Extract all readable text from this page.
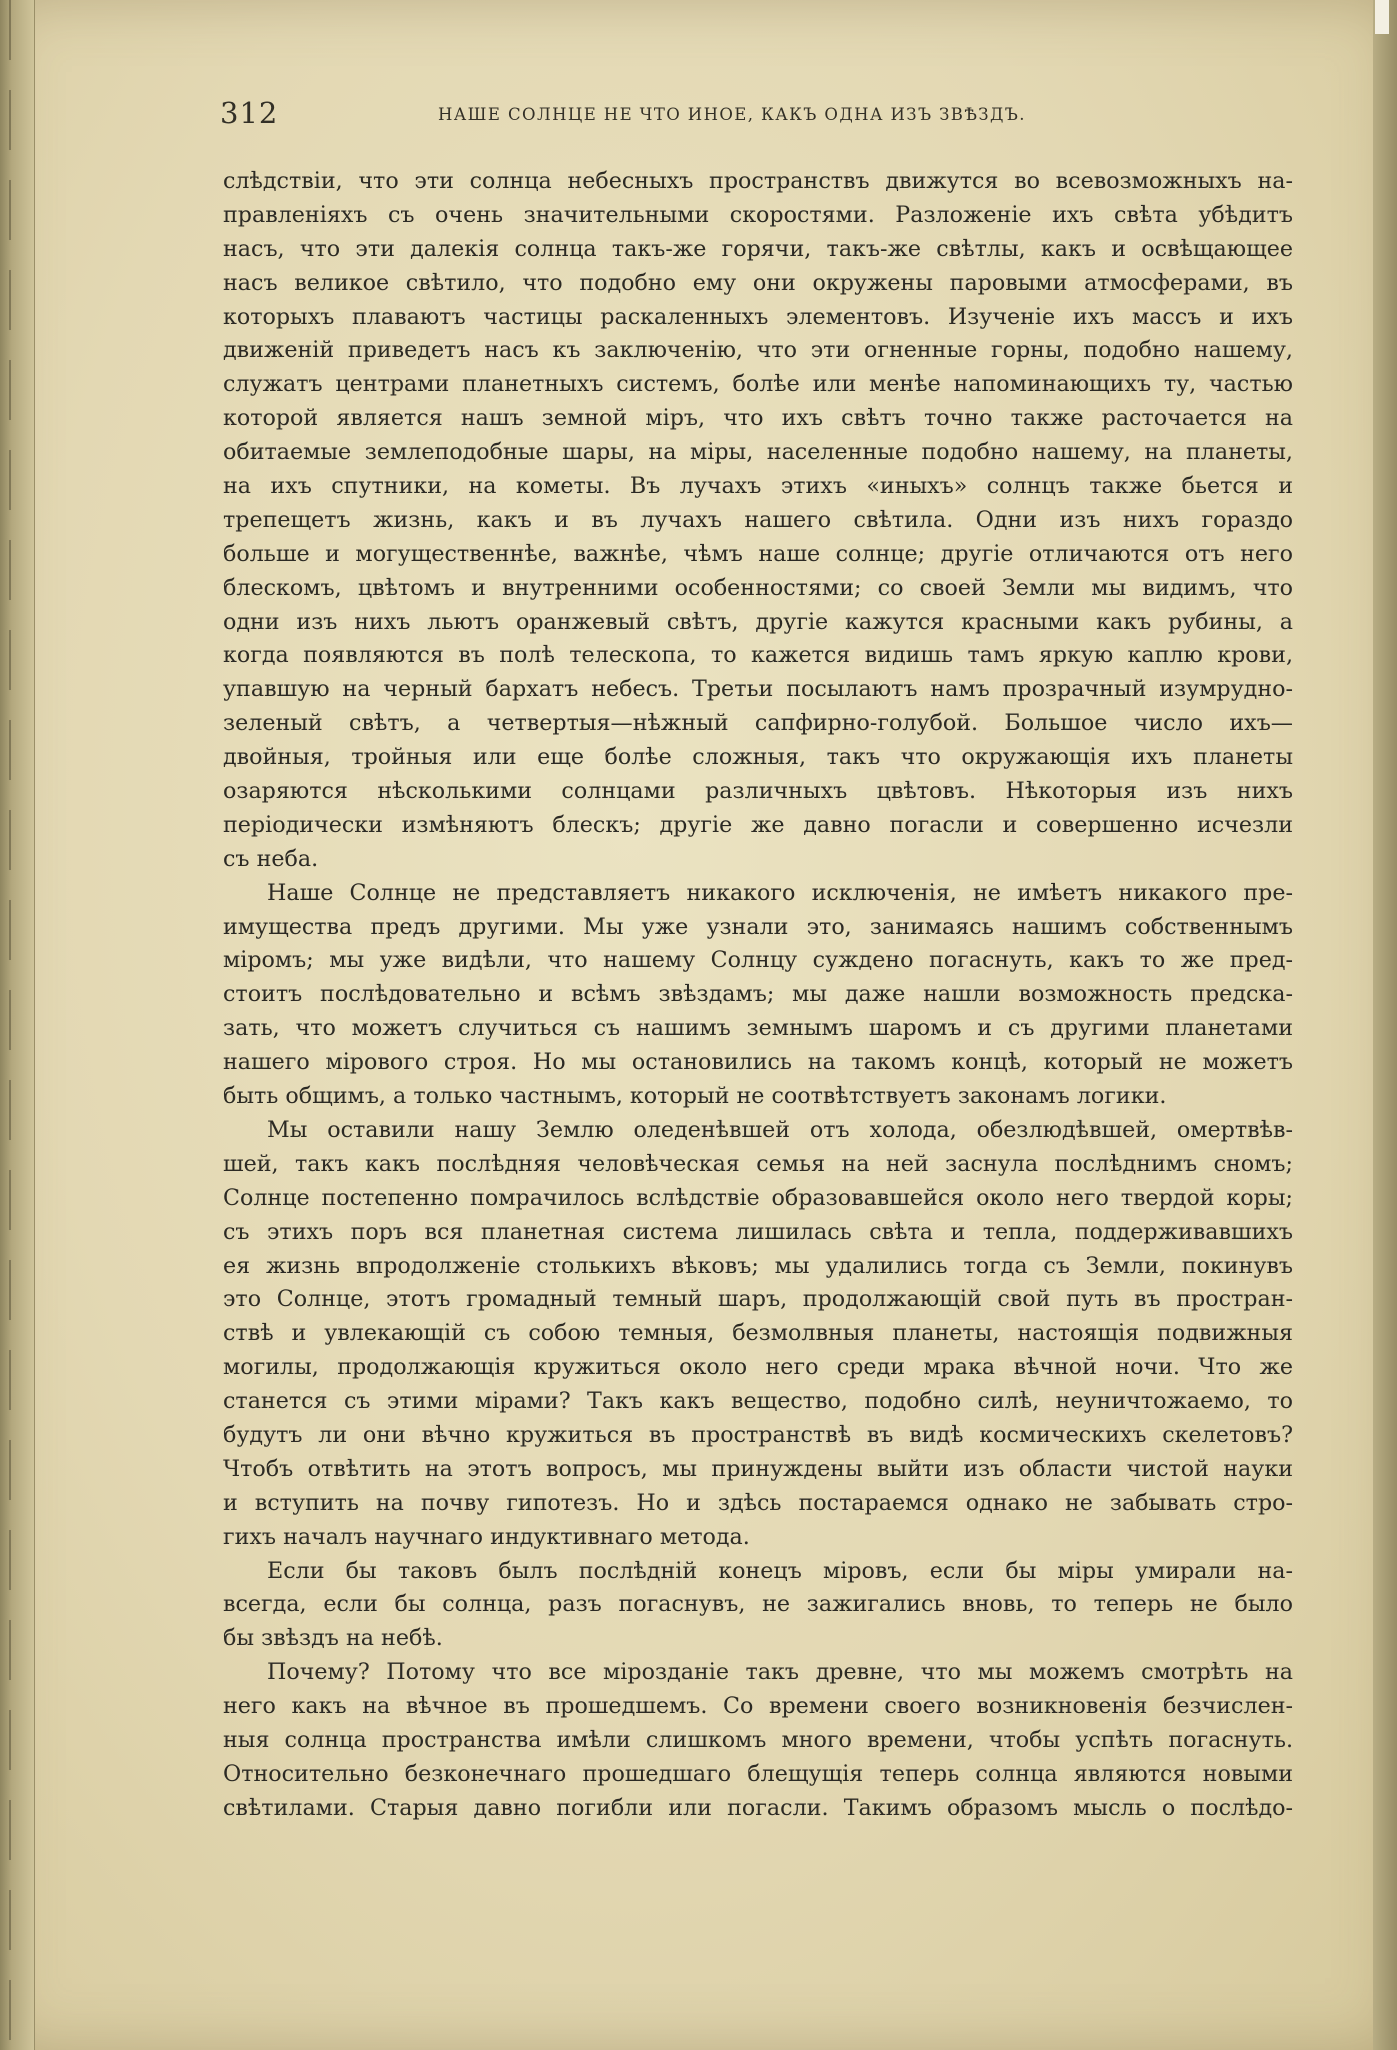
312	НАШЕ СОЛНЦЕ НЕ ЧТО ИНОЕ, КАКЪ ОДНА ИЗЪ ЗВѢЗДЪ.
слѣдствіи, что эти солнца небесныхъ пространствъ движутся во всевозможныхъ на-
правленіяхъ съ очень значительными скоростями. Разложеніе ихъ свѣта убѣдитъ
насъ, что эти далекія солнца такъ-же горячи, такъ-же свѣтлы, какъ и освѣщающее
насъ великое свѣтило, что подобно ему они окружены паровыми атмосферами, въ
которыхъ плаваютъ частицы раскаленныхъ элементовъ. Изученіе ихъ массъ и ихъ
движеній приведетъ насъ къ заключенію, что эти огненные горны, подобно нашему,
служатъ центрами планетныхъ системъ, болѣе или менѣе напоминающихъ ту, частью
которой является нашъ земной міръ, что ихъ свѣтъ точно также расточается на
обитаемые землеподобные шары, на міры, населенные подобно нашему, на планеты,
на ихъ спутники, на кометы. Въ лучахъ этихъ «иныхъ» солнцъ также бьется и
трепещетъ жизнь, какъ и въ лучахъ нашего свѣтила. Одни изъ нихъ гораздо
больше и могущественнѣе, важнѣе, чѣмъ наше солнце; другіе отличаются отъ него
блескомъ, цвѣтомъ и внутренними особенностями; со своей Земли мы видимъ, что
одни изъ нихъ льютъ оранжевый свѣтъ, другіе кажутся красными какъ рубины, а
когда появляются въ полѣ телескопа, то кажется видишь тамъ яркую каплю крови,
упавшую на черный бархатъ небесъ. Третьи посылаютъ намъ прозрачный изумрудно-
зеленый свѣтъ, а четвертыя—нѣжный сапфирно-голубой. Большое число ихъ—
двойныя, тройныя или еще болѣе сложныя, такъ что окружающія ихъ планеты
озаряются нѣсколькими солнцами различныхъ цвѣтовъ. Нѣкоторыя изъ нихъ
періодически измѣняютъ блескъ; другіе же давно погасли и совершенно исчезли
съ неба.
Наше Солнце не представляетъ никакого исключенія, не имѣетъ никакого пре-
имущества предъ другими. Мы уже узнали это, занимаясь нашимъ собственнымъ
міромъ; мы уже видѣли, что нашему Солнцу суждено погаснуть, какъ то же пред-
стоитъ послѣдовательно и всѣмъ звѣздамъ; мы даже нашли возможность предска-
зать, что можетъ случиться съ нашимъ земнымъ шаромъ и съ другими планетами
нашего мірового строя. Но мы остановились на такомъ концѣ, который не можетъ
быть общимъ, а только частнымъ, который не соотвѣтствуетъ законамъ логики.
Мы оставили нашу Землю оледенѣвшей отъ холода, обезлюдѣвшей, омертвѣв-
шей, такъ какъ послѣдняя человѣческая семья на ней заснула послѣднимъ сномъ;
Солнце постепенно помрачилось вслѣдствіе образовавшейся около него твердой коры;
съ этихъ поръ вся планетная система лишилась свѣта и тепла, поддерживавшихъ
ея жизнь впродолженіе столькихъ вѣковъ; мы удалились тогда съ Земли, покинувъ
это Солнце, этотъ громадный темный шаръ, продолжающій свой путь въ простран-
ствѣ и увлекающій съ собою темныя, безмолвныя планеты, настоящія подвижныя
могилы, продолжающія кружиться около него среди мрака вѣчной ночи. Что же
станется съ этими мірами? Такъ какъ вещество, подобно силѣ, неуничтожаемо, то
будутъ ли они вѣчно кружиться въ пространствѣ въ видѣ космическихъ скелетовъ?
Чтобъ отвѣтить на этотъ вопросъ, мы принуждены выйти изъ области чистой науки
и вступить на почву гипотезъ. Но и здѣсь постараемся однако не забывать стро-
гихъ началъ научнаго индуктивнаго метода.
Если бы таковъ былъ послѣдній конецъ міровъ, если бы міры умирали на-
всегда, если бы солнца, разъ погаснувъ, не зажигались вновь, то теперь не было
бы звѣздъ на небѣ.
Почему? Потому что все мірозданіе такъ древне, что мы можемъ смотрѣть на
него какъ на вѣчное въ прошедшемъ. Со времени своего возникновенія безчислен-
ныя солнца пространства имѣли слишкомъ много времени, чтобы успѣть погаснуть.
Относительно безконечнаго прошедшаго блещущія теперь солнца являются новыми
свѣтилами. Старыя давно погибли или погасли. Такимъ образомъ мысль о послѣдо-
